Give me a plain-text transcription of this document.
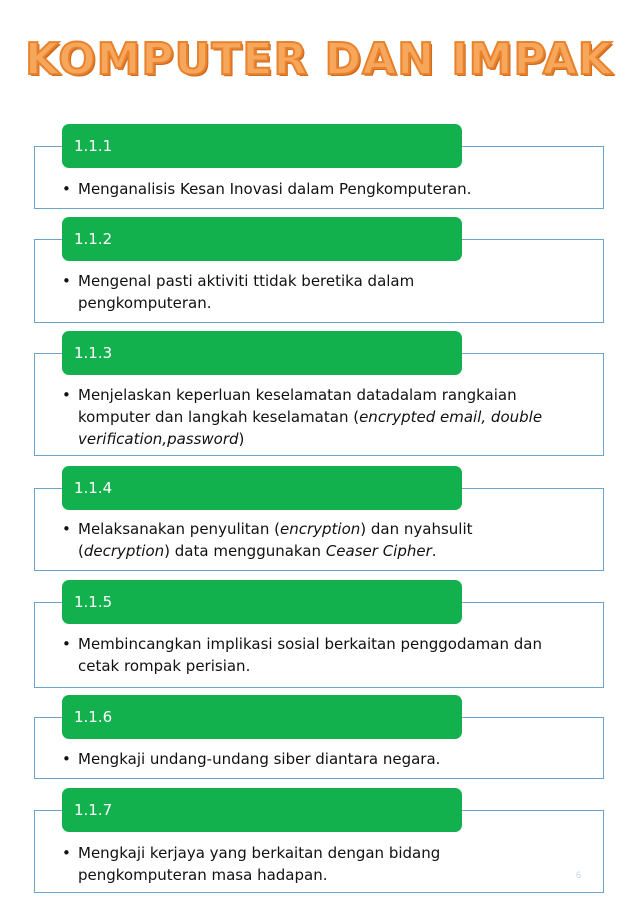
KOMPUTER DAN IMPAK
1.1.1
• Menganalisis Kesan Inovasi dalam Pengkomputeran.
1.1.2
• Mengenal pasti aktiviti ttidak beretika dalam pengkomputeran.
1.1.3
• Menjelaskan keperluan keselamatan datadalam rangkaian komputer dan langkah keselamatan (encrypted email, double verification,password)
1.1.4
• Melaksanakan penyulitan (encryption) dan nyahsulit (decryption) data menggunakan Ceaser Cipher.
1.1.5
• Membincangkan implikasi sosial berkaitan penggodaman dan cetak rompak perisian.
1.1.6
• Mengkaji undang-undang siber diantara negara.
1.1.7
• Mengkaji kerjaya yang berkaitan dengan bidang pengkomputeran masa hadapan.	6
